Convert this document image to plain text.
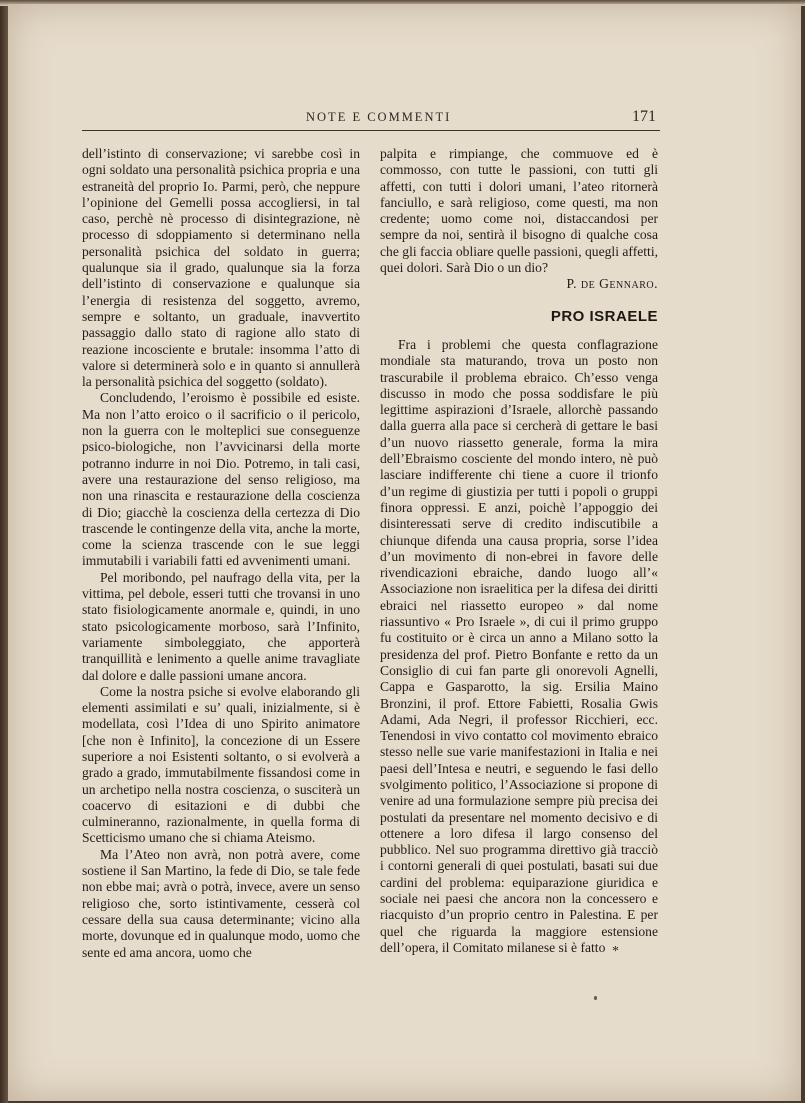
NOTE E COMMENTI	171

dell’istinto di conservazione; vi sarebbe così in ogni soldato una personalità psichica propria e una estraneità del proprio Io. Parmi, però, che neppure l’opinione del Gemelli possa accogliersi, in tal caso, perchè nè processo di disintegrazione, nè processo di sdoppiamento si determinano nella personalità psichica del soldato in guerra; qualunque sia il grado, qualunque sia la forza dell’istinto di conservazione e qualunque sia l’energia di resistenza del soggetto, avremo, sempre e soltanto, un graduale, inavvertito passaggio dallo stato di ragione allo stato di reazione incosciente e brutale: insomma l’atto di valore si determinerà solo e in quanto si annullerà la personalità psichica del soggetto (soldato).

Concludendo, l’eroismo è possibile ed esiste. Ma non l’atto eroico o il sacrificio o il pericolo, non la guerra con le molteplici sue conseguenze psico-biologiche, non l’avvicinarsi della morte potranno indurre in noi Dio. Potremo, in tali casi, avere una restaurazione del senso religioso, ma non una rinascita e restaurazione della coscienza di Dio; giacchè la coscienza della certezza di Dio trascende le contingenze della vita, anche la morte, come la scienza trascende con le sue leggi immutabili i variabili fatti ed avvenimenti umani.

Pel moribondo, pel naufrago della vita, per la vittima, pel debole, esseri tutti che trovansi in uno stato fisiologicamente anormale e, quindi, in uno stato psicologicamente morboso, sarà l’Infinito, variamente simboleggiato, che apporterà tranquillità e lenimento a quelle anime travagliate dal dolore e dalle passioni umane ancora.

Come la nostra psiche si evolve elaborando gli elementi assimilati e su’ quali, inizialmente, si è modellata, così l’Idea di uno Spirito animatore [che non è Infinito], la concezione di un Essere superiore a noi Esistenti soltanto, o si evolverà a grado a grado, immutabilmente fissandosi come in un archetipo nella nostra coscienza, o susciterà un coacervo di esitazioni e di dubbi che culmineranno, razionalmente, in quella forma di Scetticismo umano che si chiama Ateismo.

Ma l’Ateo non avrà, non potrà avere, come sostiene il San Martino, la fede di Dio, se tale fede non ebbe mai; avrà o potrà, invece, avere un senso religioso che, sorto istintivamente, cesserà col cessare della sua causa determinante; vicino alla morte, dovunque ed in qualunque modo, uomo che sente ed ama ancora, uomo che

palpita e rimpiange, che commuove ed è commosso, con tutte le passioni, con tutti gli affetti, con tutti i dolori umani, l’ateo ritornerà fanciullo, e sarà religioso, come questi, ma non credente; uomo come noi, distaccandosi per sempre da noi, sentirà il bisogno di qualche cosa che gli faccia obliare quelle passioni, quegli affetti, quei dolori. Sarà Dio o un dio?

P. de Gennaro.

PRO ISRAELE

Fra i problemi che questa conflagrazione mondiale sta maturando, trova un posto non trascurabile il problema ebraico. Ch’esso venga discusso in modo che possa soddisfare le più legittime aspirazioni d’Israele, allorchè passando dalla guerra alla pace si cercherà di gettare le basi d’un nuovo riassetto generale, forma la mira dell’Ebraismo cosciente del mondo intero, nè può lasciare indifferente chi tiene a cuore il trionfo d’un regime di giustizia per tutti i popoli o gruppi finora oppressi. E anzi, poichè l’appoggio dei disinteressati serve di credito indiscutibile a chiunque difenda una causa propria, sorse l’idea d’un movimento di non-ebrei in favore delle rivendicazioni ebraiche, dando luogo all’« Associazione non israelitica per la difesa dei diritti ebraici nel riassetto europeo » dal nome riassuntivo « Pro Israele », di cui il primo gruppo fu costituito or è circa un anno a Milano sotto la presidenza del prof. Pietro Bonfante e retto da un Consiglio di cui fan parte gli onorevoli Agnelli, Cappa e Gasparotto, la sig. Ersilia Maino Bronzini, il prof. Ettore Fabietti, Rosalia Gwis Adami, Ada Negri, il professor Ricchieri, ecc. Tenendosi in vivo contatto col movimento ebraico stesso nelle sue varie manifestazioni in Italia e nei paesi dell’Intesa e neutri, e seguendo le fasi dello svolgimento politico, l’Associazione si propone di venire ad una formulazione sempre più precisa dei postulati da presentare nel momento decisivo e di ottenere a loro difesa il largo consenso del pubblico. Nel suo programma direttivo già tracciò i contorni generali di quei postulati, basati sui due cardini del problema: equiparazione giuridica e sociale nei paesi che ancora non la concessero e riacquisto d’un proprio centro in Palestina. E per quel che riguarda la maggiore estensione dell’opera, il Comitato milanese si è fatto *
